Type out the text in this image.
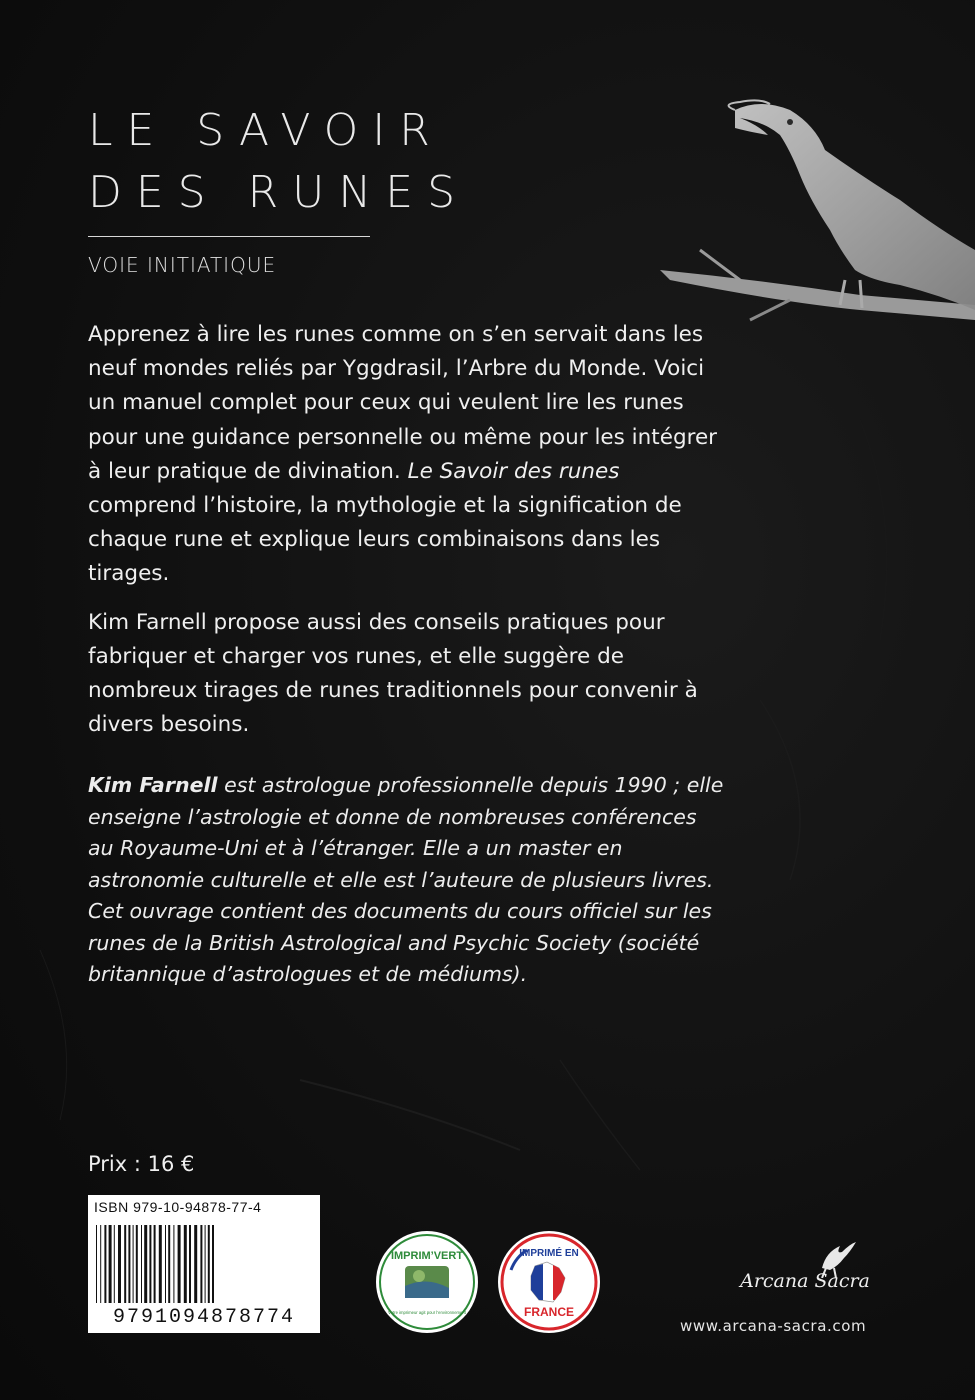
LE SAVOIR
DES RUNES
VOIE INITIATIQUE

Apprenez à lire les runes comme on s’en servait dans les neuf mondes reliés par Yggdrasil, l’Arbre du Monde. Voici un manuel complet pour ceux qui veulent lire les runes pour une guidance personnelle ou même pour les intégrer à leur pratique de divination. Le Savoir des runes comprend l’histoire, la mythologie et la signification de chaque rune et explique leurs combinaisons dans les tirages.

Kim Farnell propose aussi des conseils pratiques pour fabriquer et charger vos runes, et elle suggère de nombreux tirages de runes traditionnels pour convenir à divers besoins.

Kim Farnell est astrologue professionnelle depuis 1990 ; elle enseigne l’astrologie et donne de nombreuses conférences au Royaume-Uni et à l’étranger. Elle a un master en astronomie culturelle et elle est l’auteure de plusieurs livres. Cet ouvrage contient des documents du cours officiel sur les runes de la British Astrological and Psychic Society (société britannique d’astrologues et de médiums).
Prix : 16 €
ISBN 979-10-94878-77-4
9791094878774
IMPRIM’VERT
Votre imprimeur agit pour l’environnement
IMPRIMÉ EN
FRANCE
Arcana Sacra
www.arcana-sacra.com
